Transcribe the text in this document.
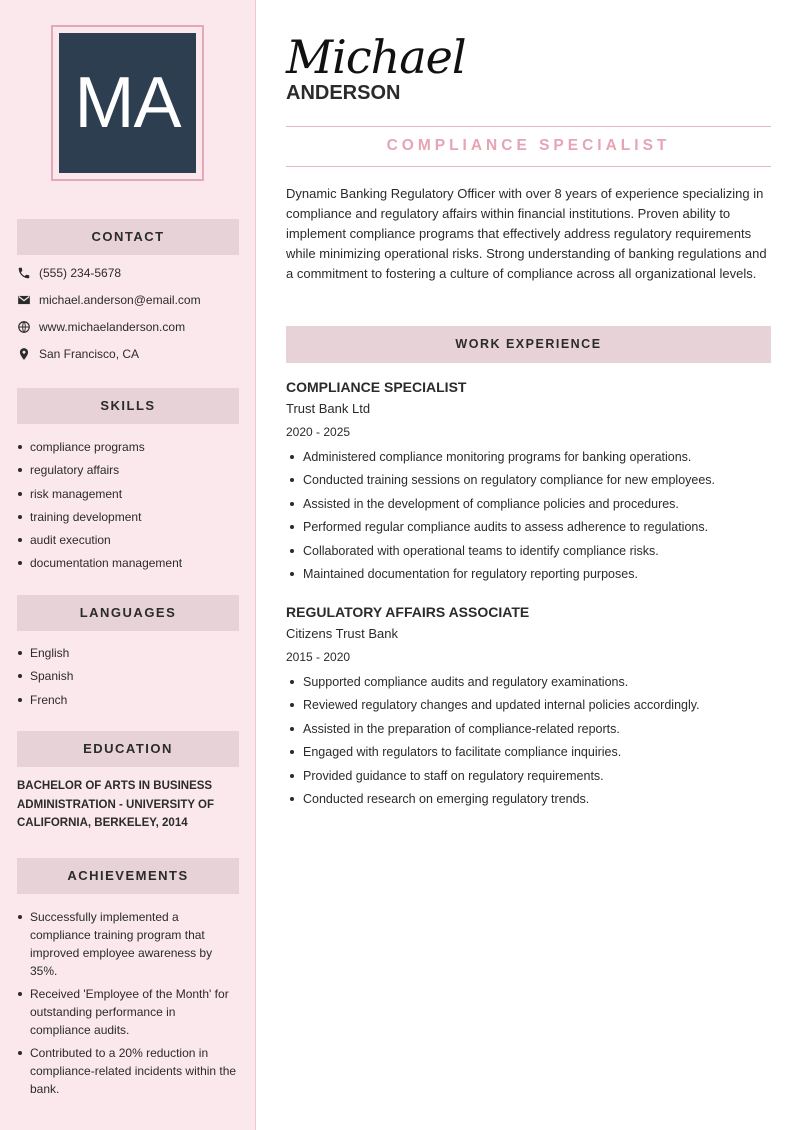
MA
CONTACT
(555) 234-5678
michael.anderson@email.com
www.michaelanderson.com
San Francisco, CA
SKILLS
compliance programs
regulatory affairs
risk management
training development
audit execution
documentation management
LANGUAGES
English
Spanish
French
EDUCATION
BACHELOR OF ARTS IN BUSINESS ADMINISTRATION - UNIVERSITY OF CALIFORNIA, BERKELEY, 2014
ACHIEVEMENTS
Successfully implemented a compliance training program that improved employee awareness by 35%.
Received 'Employee of the Month' for outstanding performance in compliance audits.
Contributed to a 20% reduction in compliance-related incidents within the bank.
Michael
ANDERSON
COMPLIANCE SPECIALIST

Dynamic Banking Regulatory Officer with over 8 years of experience specializing in compliance and regulatory affairs within financial institutions. Proven ability to implement compliance programs that effectively address regulatory requirements while minimizing operational risks. Strong understanding of banking regulations and a commitment to fostering a culture of compliance across all organizational levels.

WORK EXPERIENCE
COMPLIANCE SPECIALIST
Trust Bank Ltd
2020 - 2025
Administered compliance monitoring programs for banking operations.
Conducted training sessions on regulatory compliance for new employees.
Assisted in the development of compliance policies and procedures.
Performed regular compliance audits to assess adherence to regulations.
Collaborated with operational teams to identify compliance risks.
Maintained documentation for regulatory reporting purposes.
REGULATORY AFFAIRS ASSOCIATE
Citizens Trust Bank
2015 - 2020
Supported compliance audits and regulatory examinations.
Reviewed regulatory changes and updated internal policies accordingly.
Assisted in the preparation of compliance-related reports.
Engaged with regulators to facilitate compliance inquiries.
Provided guidance to staff on regulatory requirements.
Conducted research on emerging regulatory trends.
